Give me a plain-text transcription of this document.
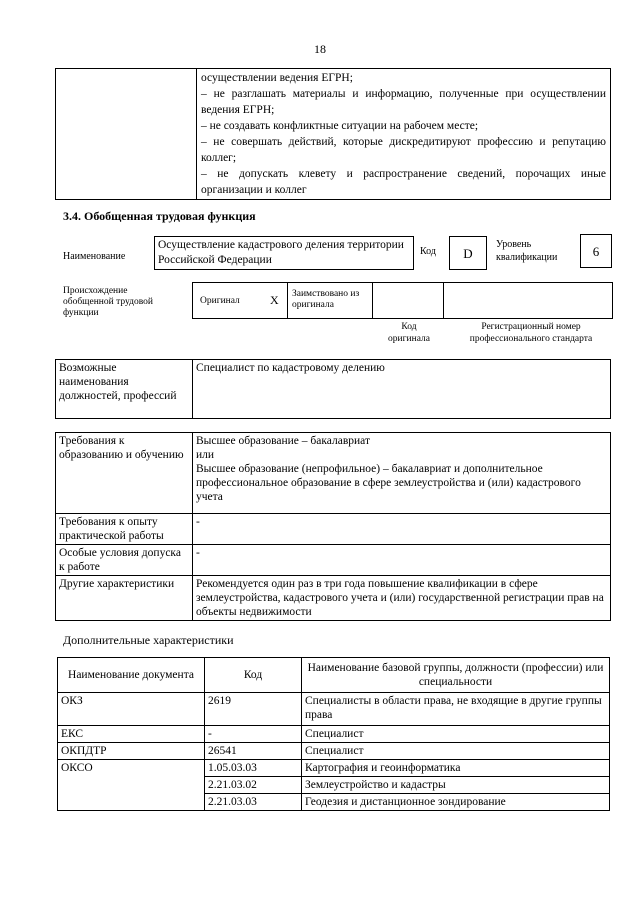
18

осуществлении ведения ЕГРН;
– не разглашать материалы и информацию, полученные при осуществлении ведения ЕГРН;
– не создавать конфликтные ситуации на рабочем месте;
– не совершать действий, которые дискредитируют профессию и репутацию коллег;
– не допускать клевету и распространение сведений, порочащих иные организации и коллег
3.4. Обобщенная трудовая функция
Наименование
Осуществление кадастрового деления территории Российской Федерации
Код	D
Уровень квалификации	6
Происхождение обобщенной трудовой функции
Оригинал	X Заимствовано из оригинала
Код оригинала
Регистрационный номер профессионального стандарта
Возможные наименования должностей, профессий	Специалист по кадастровому делению
Требования к образованию и обучению	Высшее образование – бакалавриат
или
Высшее образование (непрофильное) – бакалавриат и дополнительное профессиональное образование в сфере землеустройства и (или) кадастрового учета

Требования к опыту практической работы	-

Особые условия допуска к работе	-

Другие характеристики	Рекомендуется один раз в три года повышение квалификации в сфере землеустройства, кадастрового учета и (или) государственной регистрации прав на объекты недвижимости
Дополнительные характеристики
Наименование документа	Код	Наименование базовой группы, должности (профессии) или специальности
ОКЗ	2619	Специалисты в области права, не входящие в другие группы права
ЕКС	-	Специалист
ОКПДТР	26541	Специалист
ОКСО	1.05.03.03	Картография и геоинформатика
	2.21.03.02	Землеустройство и кадастры
	2.21.03.03	Геодезия и дистанционное зондирование
